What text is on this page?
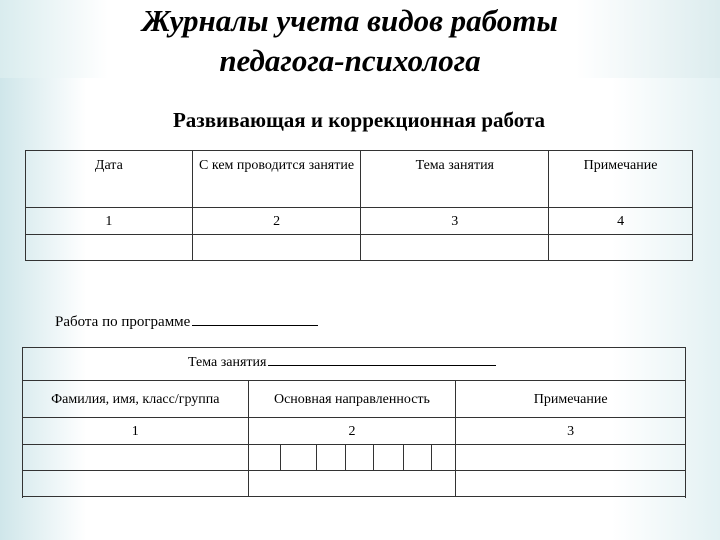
Журналы учета видов работы
педагога-психолога
Развивающая и коррекционная работа
Дата	С кем проводится занятие	Тема занятия	Примечание
1	2	3	4

Работа по программе
Тема занятия
Фамилия, имя, класс/группа	Основная направленность							Примечание
1	2							3
